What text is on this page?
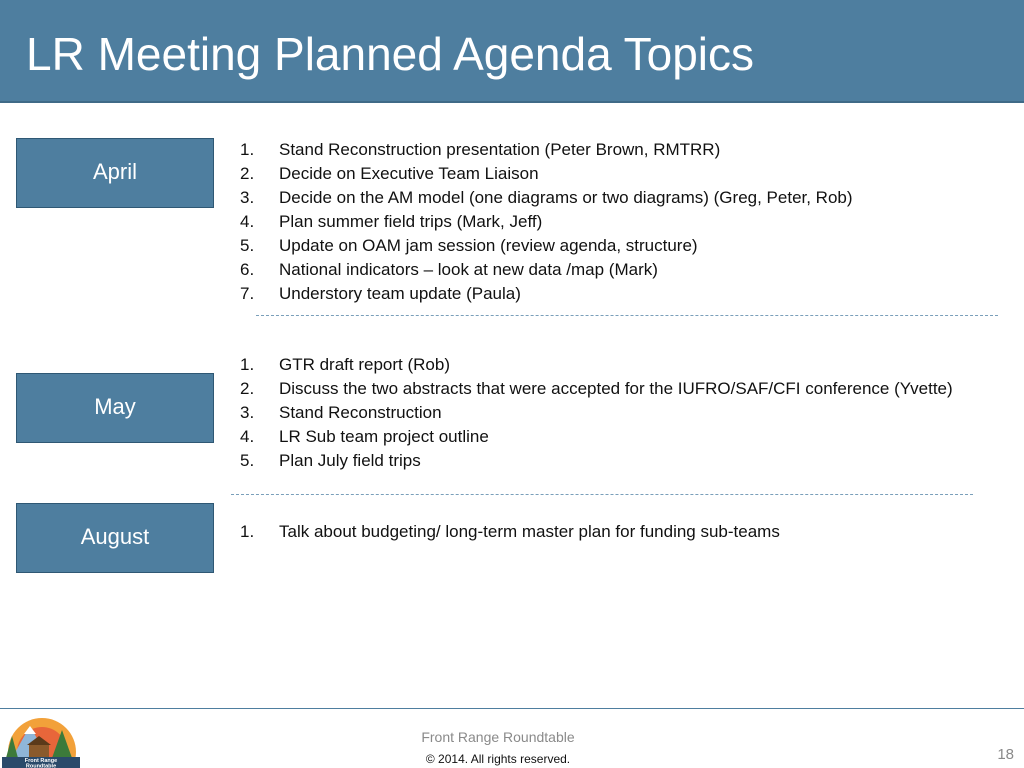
LR Meeting Planned Agenda Topics
April
1. Stand Reconstruction presentation (Peter Brown, RMTRR)
2. Decide on Executive Team Liaison
3. Decide on the AM model (one diagrams or two diagrams) (Greg, Peter, Rob)
4. Plan summer field trips (Mark, Jeff)
5. Update on OAM jam session (review agenda, structure)
6. National indicators – look at new data /map (Mark)
7. Understory team update (Paula)
May
1. GTR draft report (Rob)
2. Discuss the two abstracts that were accepted for the IUFRO/SAF/CFI conference (Yvette)
3. Stand Reconstruction
4. LR Sub team project outline
5. Plan July field trips
August	1. Talk about budgeting/ long-term master plan for funding sub-teams
Front Range
Roundtable
Front Range Roundtable
© 2014. All rights reserved.	18
